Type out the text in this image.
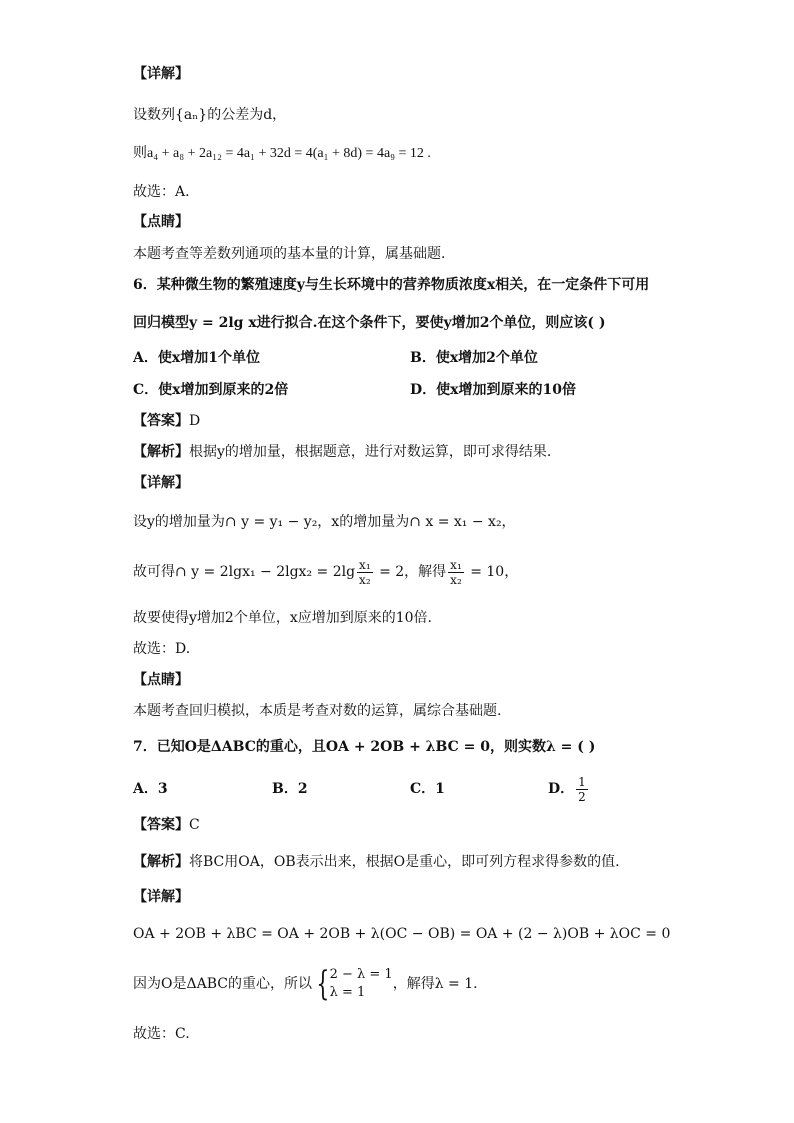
【详解】
设数列{aₙ}的公差为d，
则a₄ + a₈ + 2a₁₂ = 4a₁ + 32d = 4(a₁ + 8d) = 4a₉ = 12 .
故选：A.
【点睛】
本题考查等差数列通项的基本量的计算，属基础题.
6．某种微生物的繁殖速度y与生长环境中的营养物质浓度x相关，在一定条件下可用
回归模型y = 2lg x进行拟合.在这个条件下，要使y增加2个单位，则应该( )
A．使x增加1个单位	B．使x增加2个单位
C．使x增加到原来的2倍	D．使x增加到原来的10倍
【答案】D
【解析】根据y的增加量，根据题意，进行对数运算，即可求得结果.
【详解】
设y的增加量为∩ y = y₁ − y₂，x的增加量为∩ x = x₁ − x₂，
故可得∩ $y = 2\lg x_1 - 2\lg x_2 = 2\lg \frac{\text{x₁}}{\text{x₂}} = 2$，解得 $\frac{\text{x₁}}{\text{x₂}} = 10$，
故要使得y增加2个单位，x应增加到原来的10倍.
故选：D.
【点睛】
本题考查回归模拟，本质是考查对数的运算，属综合基础题.
7．已知O是ΔABC的重心，且OA + 2OB + λBC = 0，则实数λ = ( )
A．3	B．2	C．1	D． $\frac{1}{2}$
【答案】C
【解析】将BC用OA，OB表示出来，根据O是重心，即可列方程求得参数的值.
【详解】
OA + 2OB + λBC = OA + 2OB + λ(OC − OB) = OA + (2 − λ)OB + λOC = 0
因为O是ΔABC的重心，所以 { 2 − λ = 1
λ = 1
，解得λ = 1.
故选：C.
